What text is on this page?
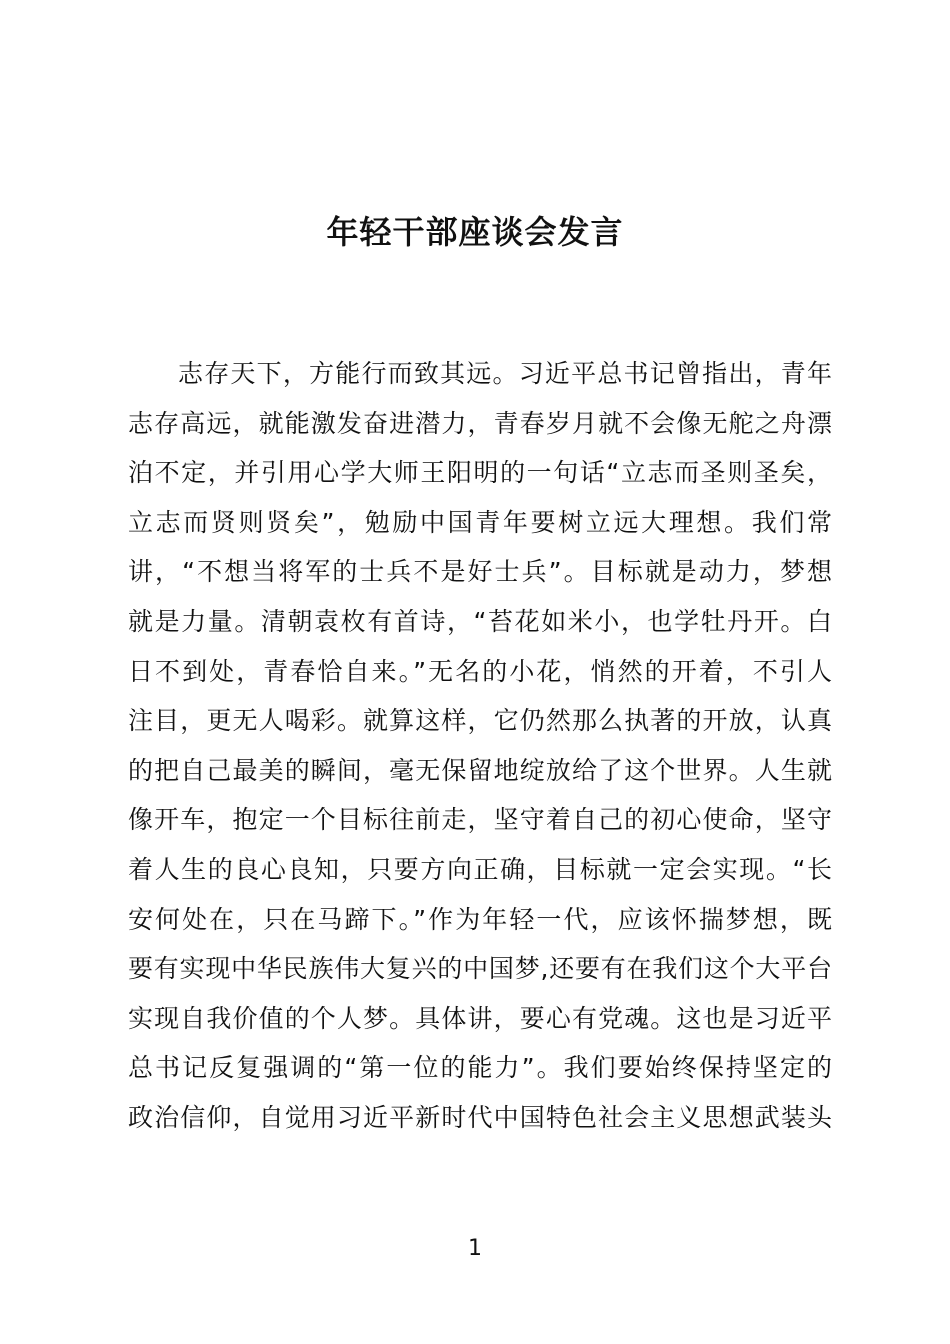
年轻干部座谈会发言
志存天下，方能行而致其远。习近平总书记曾指出，青年
志存高远，就能激发奋进潜力，青春岁月就不会像无舵之舟漂
泊不定，并引用心学大师王阳明的一句话“立志而圣则圣矣，
立志而贤则贤矣”，勉励中国青年要树立远大理想。我们常
讲，“不想当将军的士兵不是好士兵”。目标就是动力，梦想
就是力量。清朝袁枚有首诗，“苔花如米小，也学牡丹开。白
日不到处，青春恰自来。”无名的小花，悄然的开着，不引人
注目，更无人喝彩。就算这样，它仍然那么执著的开放，认真
的把自己最美的瞬间，毫无保留地绽放给了这个世界。人生就
像开车，抱定一个目标往前走，坚守着自己的初心使命，坚守
着人生的良心良知，只要方向正确，目标就一定会实现。“长
安何处在，只在马蹄下。”作为年轻一代，应该怀揣梦想，既
要有实现中华民族伟大复兴的中国梦,还要有在我们这个大平台
实现自我价值的个人梦。具体讲，要心有党魂。这也是习近平
总书记反复强调的“第一位的能力”。我们要始终保持坚定的
政治信仰，自觉用习近平新时代中国特色社会主义思想武装头
1
